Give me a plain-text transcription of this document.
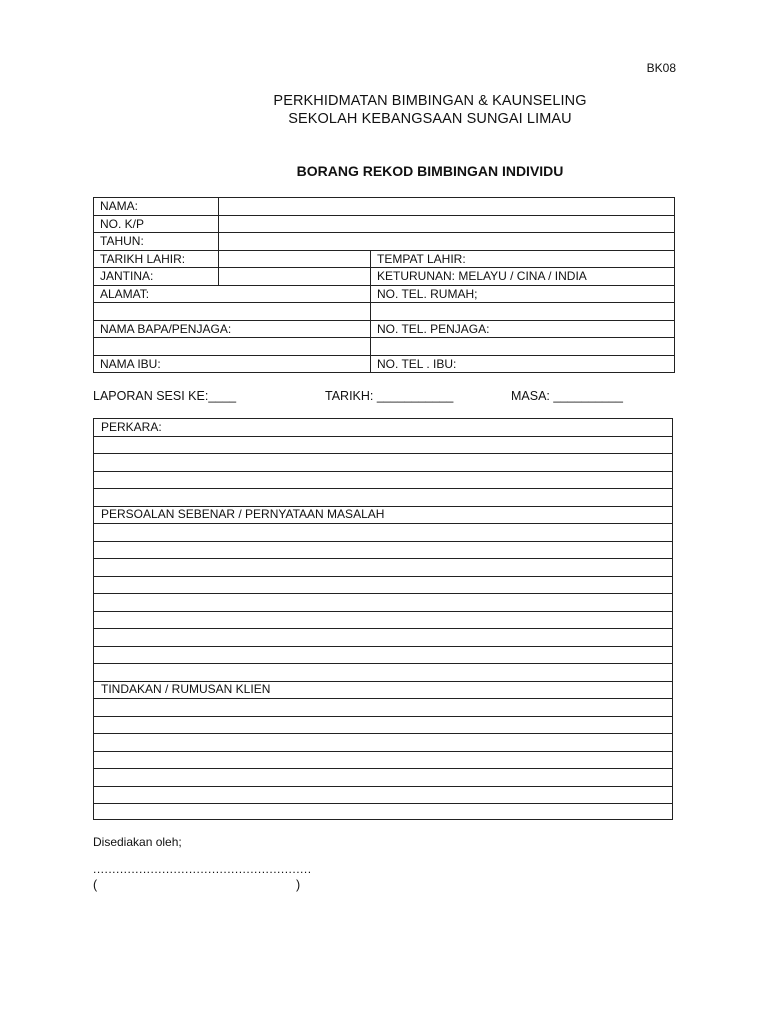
BK08
PERKHIDMATAN BIMBINGAN & KAUNSELING
SEKOLAH KEBANGSAAN SUNGAI LIMAU
BORANG REKOD BIMBINGAN INDIVIDU
NAMA:		
NO. K/P		
TAHUN:		
TARIKH LAHIR:		TEMPAT LAHIR:
JANTINA:		KETURUNAN: MELAYU / CINA / INDIA
ALAMAT:		NO. TEL. RUMAH;

NAMA BAPA/PENJAGA:		NO. TEL. PENJAGA:

NAMA IBU:		NO. TEL . IBU:
LAPORAN SESI KE:____	TARIKH: ___________	MASA: __________
PERKARA:
PERSOALAN SEBENAR / PERNYATAAN MASALAH
TINDAKAN / RUMUSAN KLIEN
Disediakan oleh;
.........................................................
(	)
